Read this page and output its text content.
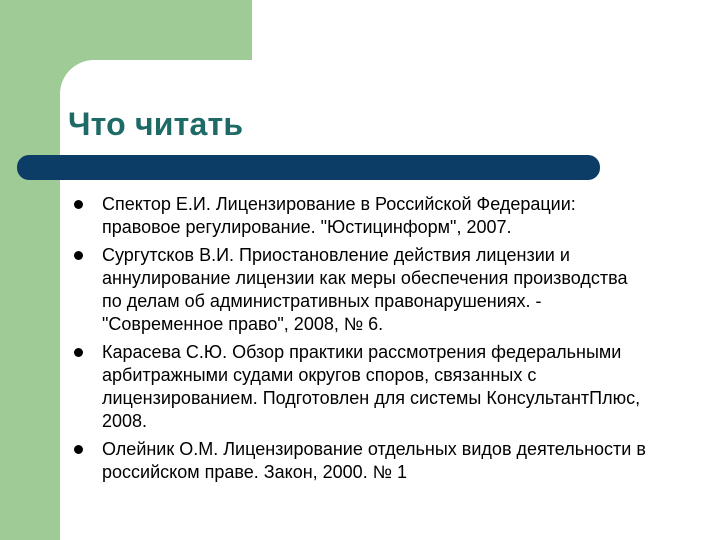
Что читать
Спектор Е.И. Лицензирование в Российской Федерации:
правовое регулирование. "Юстицинформ", 2007.
Сургутсков В.И. Приостановление действия лицензии и
аннулирование лицензии как меры обеспечения производства
по делам об административных правонарушениях. -
"Современное право", 2008, № 6.
Карасева С.Ю. Обзор практики рассмотрения федеральными
арбитражными судами округов споров, связанных с
лицензированием. Подготовлен для системы КонсультантПлюс,
2008.
Олейник О.М. Лицензирование отдельных видов деятельности в
российском праве. Закон, 2000. № 1
